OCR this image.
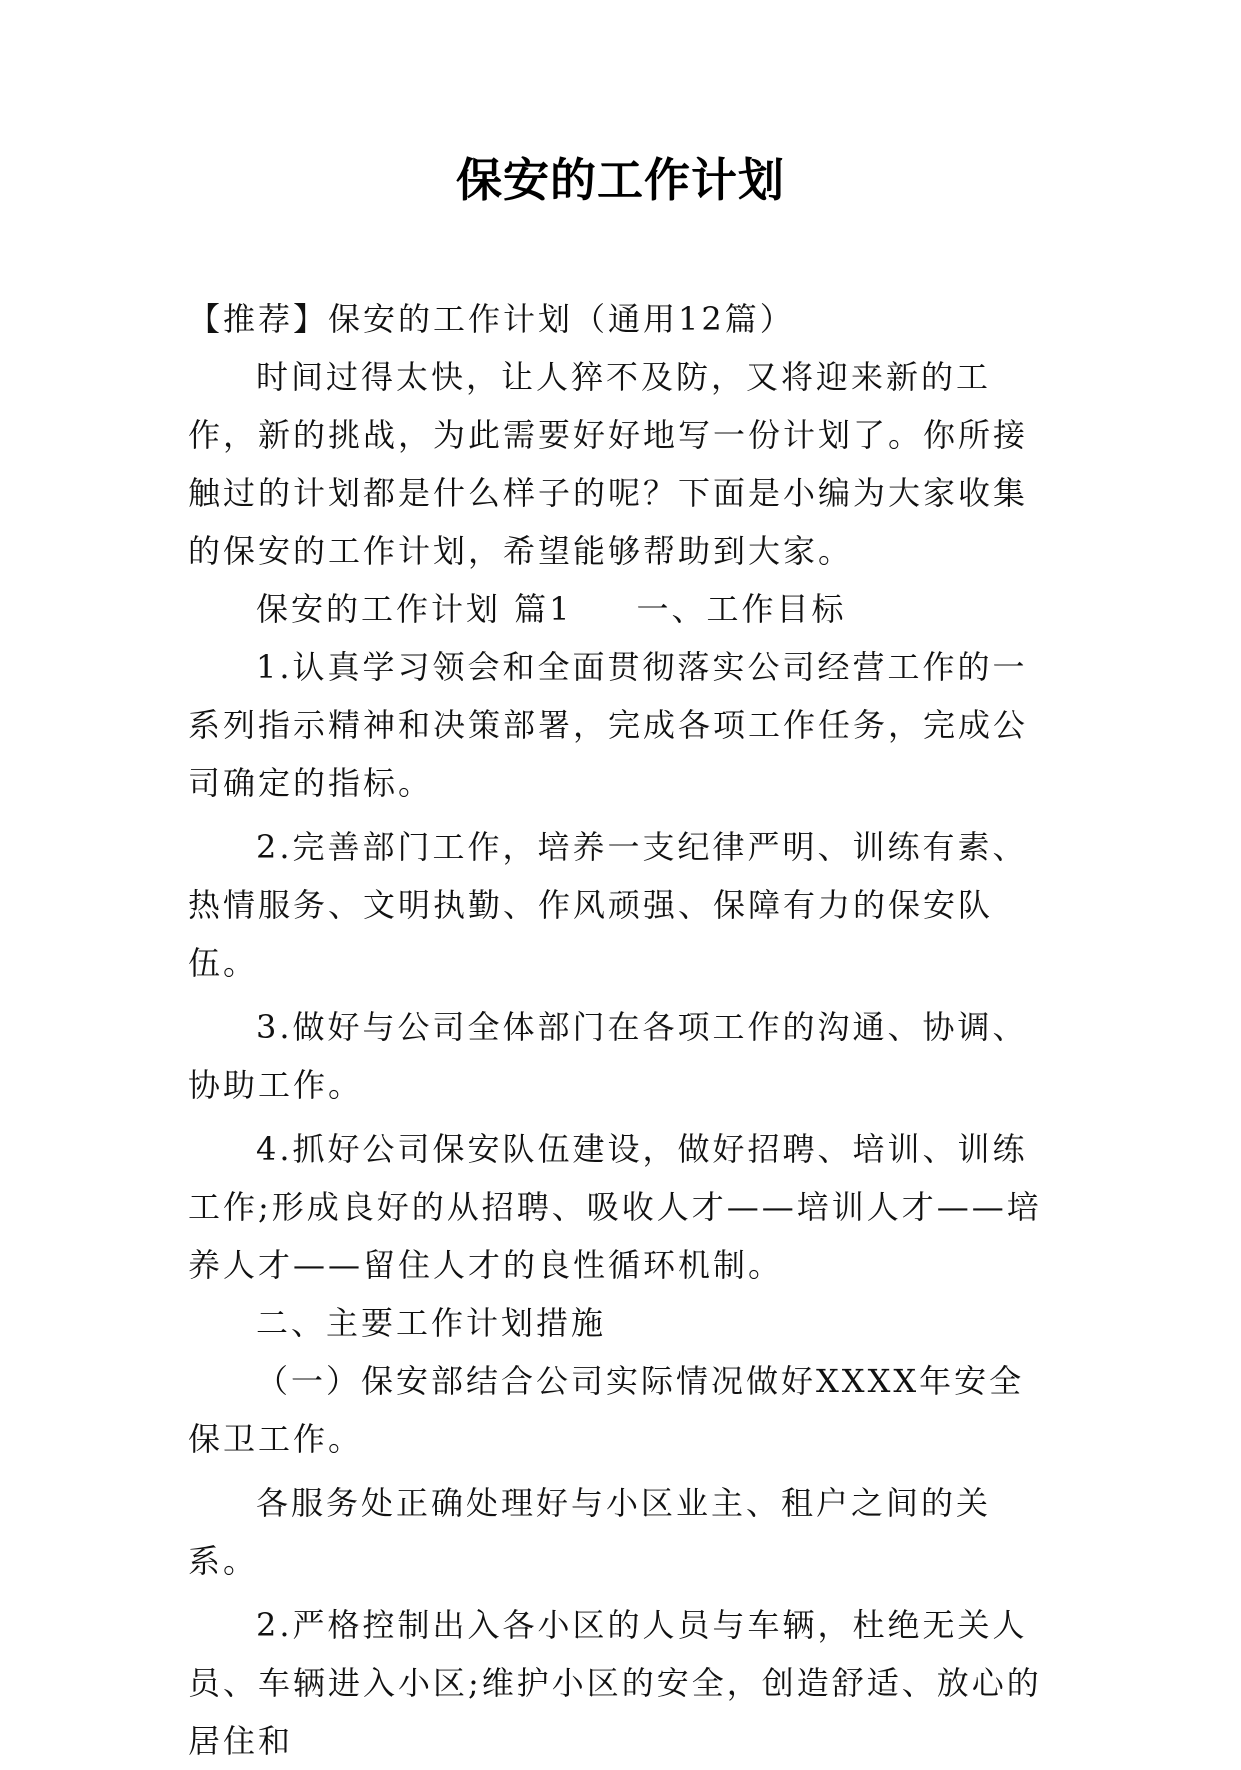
保安的工作计划

【推荐】保安的工作计划（通用12篇）

时间过得太快，让人猝不及防，又将迎来新的工作，新的挑战，为此需要好好地写一份计划了。你所接触过的计划都是什么样子的呢？下面是小编为大家收集的保安的工作计划，希望能够帮助到大家。

保安的工作计划 篇1 一、工作目标

1.认真学习领会和全面贯彻落实公司经营工作的一系列指示精神和决策部署，完成各项工作任务，完成公司确定的指标。

2.完善部门工作，培养一支纪律严明、训练有素、热情服务、文明执勤、作风顽强、保障有力的保安队伍。

3.做好与公司全体部门在各项工作的沟通、协调、协助工作。

4.抓好公司保安队伍建设，做好招聘、培训、训练工作;形成良好的从招聘、吸收人才——培训人才——培养人才——留住人才的良性循环机制。

二、主要工作计划措施

（一）保安部结合公司实际情况做好XXXX年安全保卫工作。

各服务处正确处理好与小区业主、租户之间的关系。

2.严格控制出入各小区的人员与车辆，杜绝无关人员、车辆进入小区;维护小区的安全，创造舒适、放心的居住和
